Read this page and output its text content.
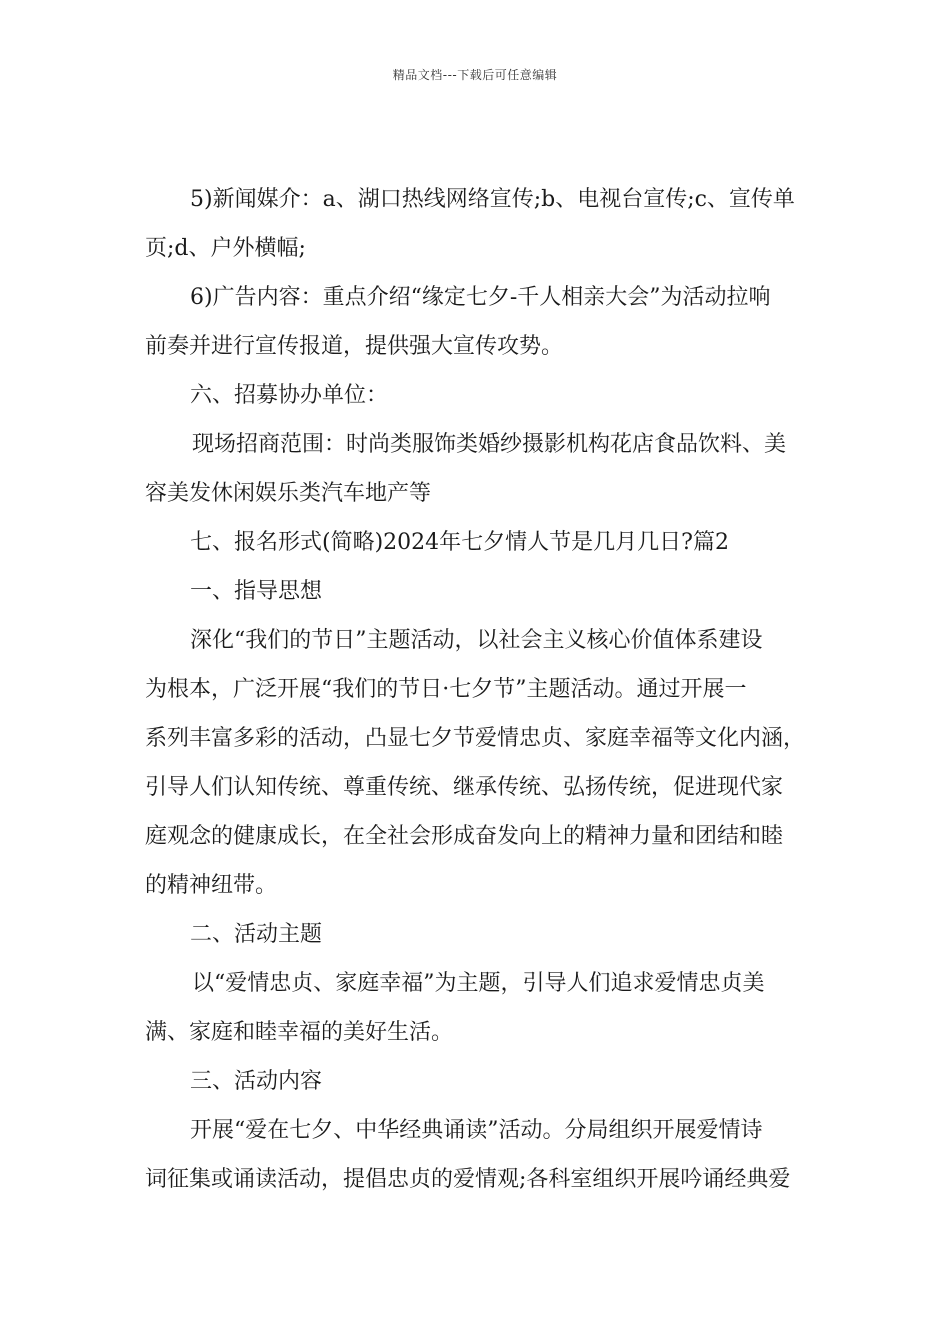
精品文档---下载后可任意编辑
5)新闻媒介：a、湖口热线网络宣传;b、电视台宣传;c、宣传单
页;d、户外横幅;
6)广告内容：重点介绍“缘定七夕-千人相亲大会”为活动拉响
前奏并进行宣传报道，提供强大宣传攻势。
六、招募协办单位：
现场招商范围：时尚类服饰类婚纱摄影机构花店食品饮料、美
容美发休闲娱乐类汽车地产等
七、报名形式(简略)2024年七夕情人节是几月几日?篇2
一、指导思想
深化“我们的节日”主题活动，以社会主义核心价值体系建设
为根本，广泛开展“我们的节日·七夕节”主题活动。通过开展一
系列丰富多彩的活动，凸显七夕节爱情忠贞、家庭幸福等文化内涵，
引导人们认知传统、尊重传统、继承传统、弘扬传统，促进现代家
庭观念的健康成长，在全社会形成奋发向上的精神力量和团结和睦
的精神纽带。
二、活动主题
以“爱情忠贞、家庭幸福”为主题，引导人们追求爱情忠贞美
满、家庭和睦幸福的美好生活。
三、活动内容
开展“爱在七夕、中华经典诵读”活动。分局组织开展爱情诗
词征集或诵读活动，提倡忠贞的爱情观;各科室组织开展吟诵经典爱
